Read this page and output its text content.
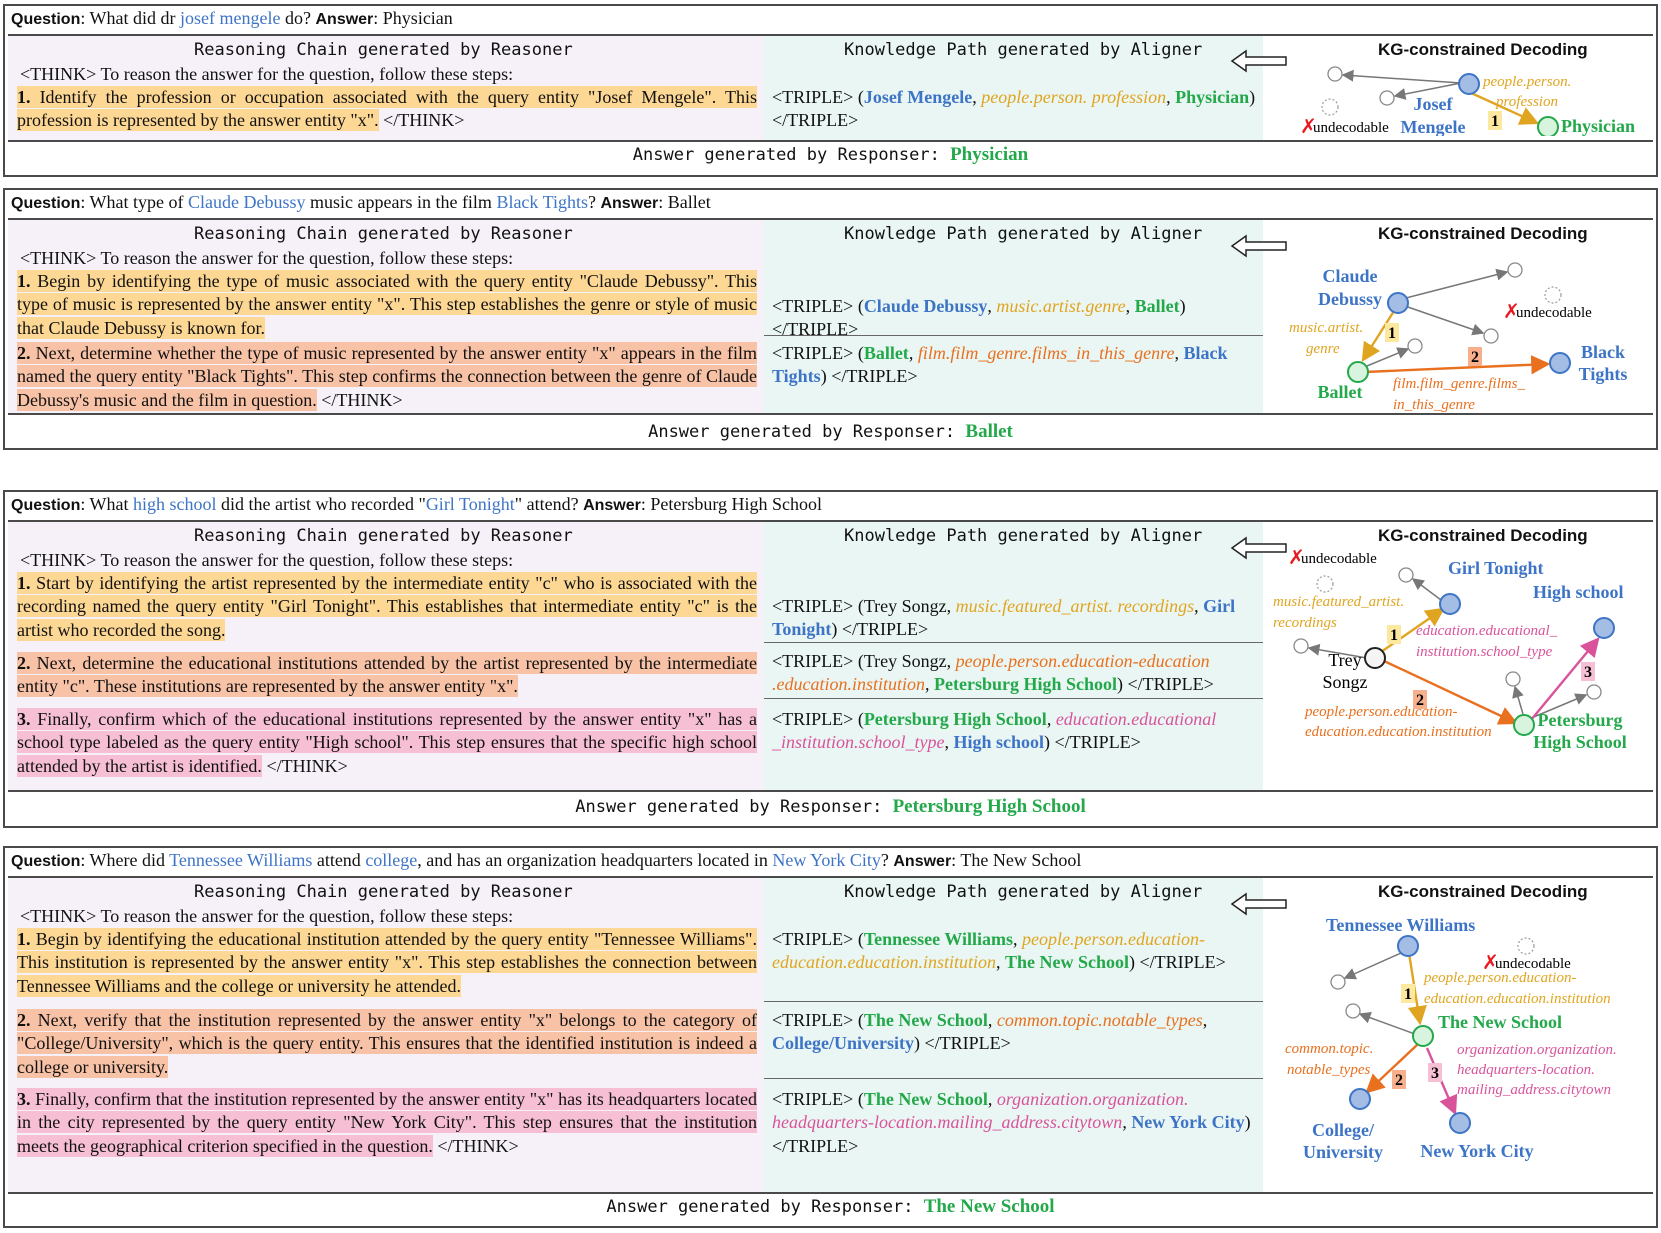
Question: What did dr josef mengele do? Answer: Physician
Reasoning Chain generated by Reasoner
<THINK> To reason the answer for the question, follow these steps:
1. Identify the profession or occupation associated with the query entity "Josef Mengele". This profession is represented by the answer entity "x". </THINK>
Knowledge Path generated by Aligner
<TRIPLE> (Josef Mengele, people.person. profession, Physician) </TRIPLE>
KG-constrained Decoding
1
✗
undecodable
Josef
Mengele	Physician
people.person.
profession
Answer generated by Responser: Physician
Question: What type of Claude Debussy music appears in the film Black Tights? Answer: Ballet
Reasoning Chain generated by Reasoner
<THINK> To reason the answer for the question, follow these steps:
1. Begin by identifying the type of music associated with the query entity "Claude Debussy". This type of music is represented by the answer entity "x". This step establishes the genre or style of music that Claude Debussy is known for.
2. Next, determine whether the type of music represented by the answer entity "x" appears in the film named the query entity "Black Tights". This step confirms the connection between the genre of Claude Debussy's music and the film in question. </THINK>
Knowledge Path generated by Aligner
<TRIPLE> (Claude Debussy, music.artist.genre, Ballet) </TRIPLE>
<TRIPLE> (Ballet, film.film_genre.films_in_this_genre, Black Tights) </TRIPLE>
KG-constrained Decoding
1
2
✗
undecodable
Claude
Debussy
Ballet
Black
Tights
music.artist.
genre
film.film_genre.films_
in_this_genre
Answer generated by Responser: Ballet
Question: What high school did the artist who recorded "Girl Tonight" attend? Answer: Petersburg High School
Reasoning Chain generated by Reasoner
<THINK> To reason the answer for the question, follow these steps:
1. Start by identifying the artist represented by the intermediate entity "c" who is associated with the recording named the query entity "Girl Tonight". This establishes that intermediate entity "c" is the artist who recorded the song.
2. Next, determine the educational institutions attended by the artist represented by the intermediate entity "c". These institutions are represented by the answer entity "x".
3. Finally, confirm which of the educational institutions represented by the answer entity "x" has a school type labeled as the query entity "High school". This step ensures that the specific high school attended by the artist is identified. </THINK>
Knowledge Path generated by Aligner
<TRIPLE> (Trey Songz, music.featured_artist. recordings, Girl Tonight) </TRIPLE>
<TRIPLE> (Trey Songz, people.person.education-education .education.institution, Petersburg High School) </TRIPLE>
<TRIPLE> (Petersburg High School, education.educational _institution.school_type, High school) </TRIPLE>
KG-constrained Decoding
1
2
3
✗
undecodable	Girl Tonight
High school
Trey
Songz
Petersburg
High School
music.featured_artist.
recordings	education.educational_
institution.school_type
people.person.education-
education.education.institution
Answer generated by Responser: Petersburg High School
Question: Where did Tennessee Williams attend college, and has an organization headquarters located in New York City? Answer: The New School
Reasoning Chain generated by Reasoner
<THINK> To reason the answer for the question, follow these steps:
1. Begin by identifying the educational institution attended by the query entity "Tennessee Williams". This institution is represented by the answer entity "x". This step establishes the connection between Tennessee Williams and the college or university he attended.
2. Next, verify that the institution represented by the answer entity "x" belongs to the category of "College/University", which is the query entity. This ensures that the identified institution is indeed a college or university.
3. Finally, confirm that the institution represented by the answer entity "x" has its headquarters located in the city represented by the query entity "New York City". This step ensures that the institution meets the geographical criterion specified in the question. </THINK>
Knowledge Path generated by Aligner
<TRIPLE> (Tennessee Williams, people.person.education- education.education.institution, The New School) </TRIPLE>
<TRIPLE> (The New School, common.topic.notable_types, College/University) </TRIPLE>
<TRIPLE> (The New School, organization.organization. headquarters-location.mailing_address.citytown, New York City) </TRIPLE>
KG-constrained Decoding
1
2 3
✗
undecodable
Tennessee Williams
The New School
College/
University New York City
people.person.education-
education.education.institution
common.topic.
notable_types
organization.organization.
headquarters-location.
mailing_address.citytown
Answer generated by Responser: The New School
